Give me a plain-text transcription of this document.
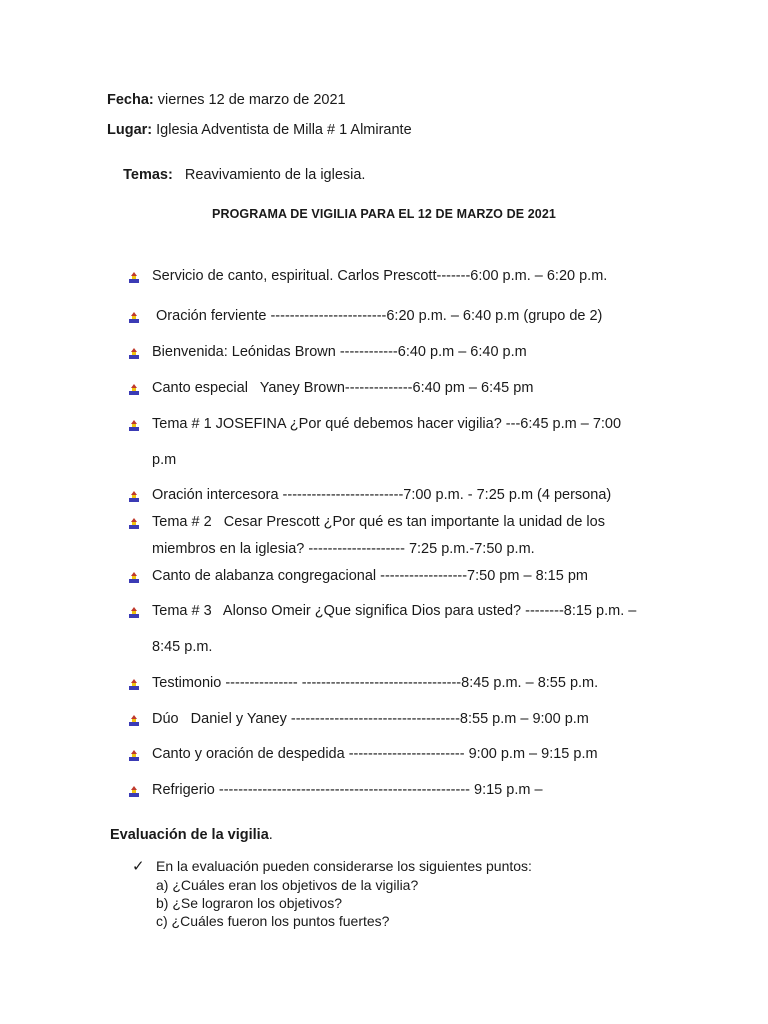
Fecha: viernes 12 de marzo de 2021
Lugar: Iglesia Adventista de Milla # 1 Almirante

Temas:   Reavivamiento de la iglesia.

PROGRAMA DE VIGILIA PARA EL 12 DE MARZO DE 2021
Servicio de canto, espiritual. Carlos Prescott-------6:00 p.m. – 6:20 p.m.
Oración ferviente ------------------------6:20 p.m. – 6:40 p.m (grupo de 2)
Bienvenida: Leónidas Brown ------------6:40 p.m – 6:40 p.m
Canto especial   Yaney Brown--------------6:40 pm – 6:45 pm
Tema # 1 JOSEFINA ¿Por qué debemos hacer vigilia? ---6:45 p.m – 7:00
p.m
Oración intercesora -------------------------7:00 p.m. - 7:25 p.m (4 persona)
Tema # 2   Cesar Prescott ¿Por qué es tan importante la unidad de los
miembros en la iglesia? -------------------- 7:25 p.m.-7:50 p.m.
Canto de alabanza congregacional ------------------7:50 pm – 8:15 pm
Tema # 3   Alonso Omeir ¿Que significa Dios para usted? --------8:15 p.m. –
8:45 p.m.
Testimonio --------------- ---------------------------------8:45 p.m. – 8:55 p.m.
Dúo   Daniel y Yaney -----------------------------------8:55 p.m – 9:00 p.m
Canto y oración de despedida ------------------------ 9:00 p.m – 9:15 p.m
Refrigerio ---------------------------------------------------- 9:15 p.m –
Evaluación de la vigilia.
✓ En la evaluación pueden considerarse los siguientes puntos:
a) ¿Cuáles eran los objetivos de la vigilia?
b) ¿Se lograron los objetivos?
c) ¿Cuáles fueron los puntos fuertes?
